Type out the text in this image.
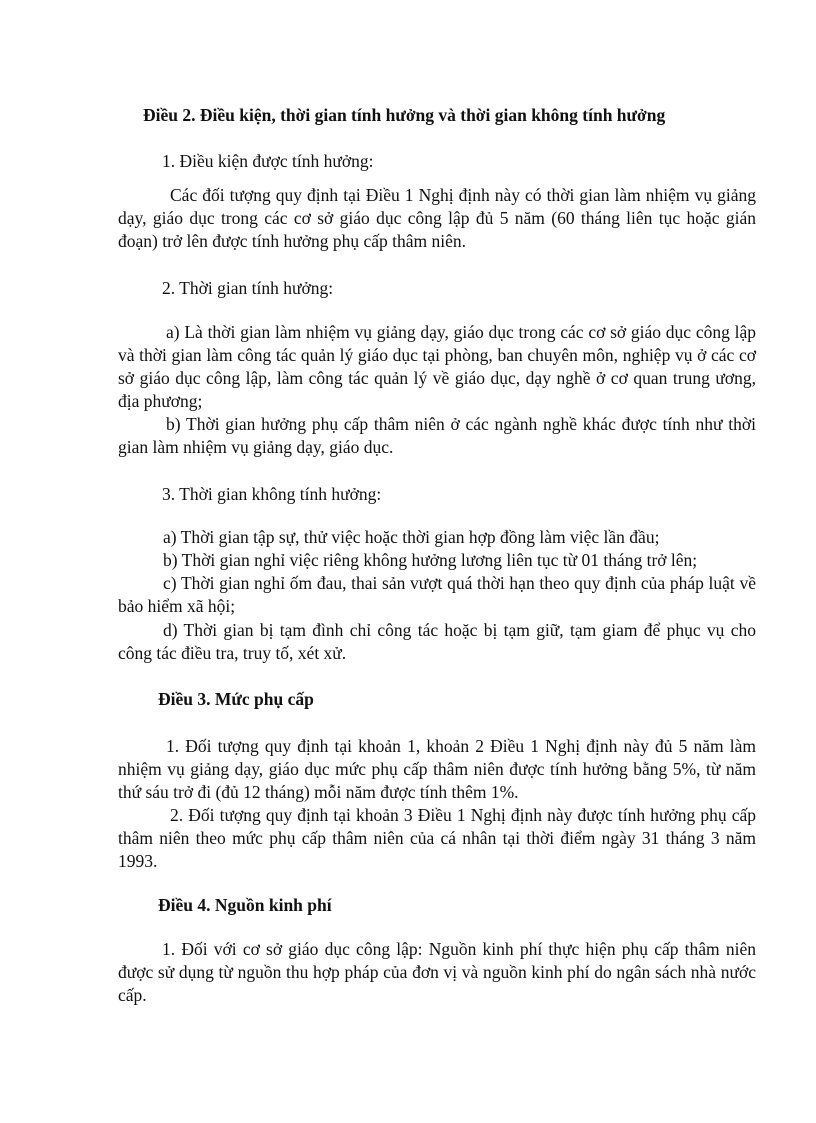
Điều 2. Điều kiện, thời gian tính hưởng và thời gian không tính hưởng

1. Điều kiện được tính hưởng:

Các đối tượng quy định tại Điều 1 Nghị định này có thời gian làm nhiệm vụ giảng dạy, giáo dục trong các cơ sở giáo dục công lập đủ 5 năm (60 tháng liên tục hoặc gián đoạn) trở lên được tính hưởng phụ cấp thâm niên.

2. Thời gian tính hưởng:

a) Là thời gian làm nhiệm vụ giảng dạy, giáo dục trong các cơ sở giáo dục công lập và thời gian làm công tác quản lý giáo dục tại phòng, ban chuyên môn, nghiệp vụ ở các cơ sở giáo dục công lập, làm công tác quản lý về giáo dục, dạy nghề ở cơ quan trung ương, địa phương;

b) Thời gian hưởng phụ cấp thâm niên ở các ngành nghề khác được tính như thời gian làm nhiệm vụ giảng dạy, giáo dục.

3. Thời gian không tính hưởng:

a) Thời gian tập sự, thử việc hoặc thời gian hợp đồng làm việc lần đầu;

b) Thời gian nghỉ việc riêng không hưởng lương liên tục từ 01 tháng trở lên;

c) Thời gian nghỉ ốm đau, thai sản vượt quá thời hạn theo quy định của pháp luật về bảo hiểm xã hội;

d) Thời gian bị tạm đình chỉ công tác hoặc bị tạm giữ, tạm giam để phục vụ cho công tác điều tra, truy tố, xét xử.

Điều 3. Mức phụ cấp

1. Đối tượng quy định tại khoản 1, khoản 2 Điều 1 Nghị định này đủ 5 năm làm nhiệm vụ giảng dạy, giáo dục mức phụ cấp thâm niên được tính hưởng bằng 5%, từ năm thứ sáu trở đi (đủ 12 tháng) mỗi năm được tính thêm 1%.

2. Đối tượng quy định tại khoản 3 Điều 1 Nghị định này được tính hưởng phụ cấp thâm niên theo mức phụ cấp thâm niên của cá nhân tại thời điểm ngày 31 tháng 3 năm 1993.

Điều 4. Nguồn kinh phí

1. Đối với cơ sở giáo dục công lập: Nguồn kinh phí thực hiện phụ cấp thâm niên được sử dụng từ nguồn thu hợp pháp của đơn vị và nguồn kinh phí do ngân sách nhà nước cấp.
